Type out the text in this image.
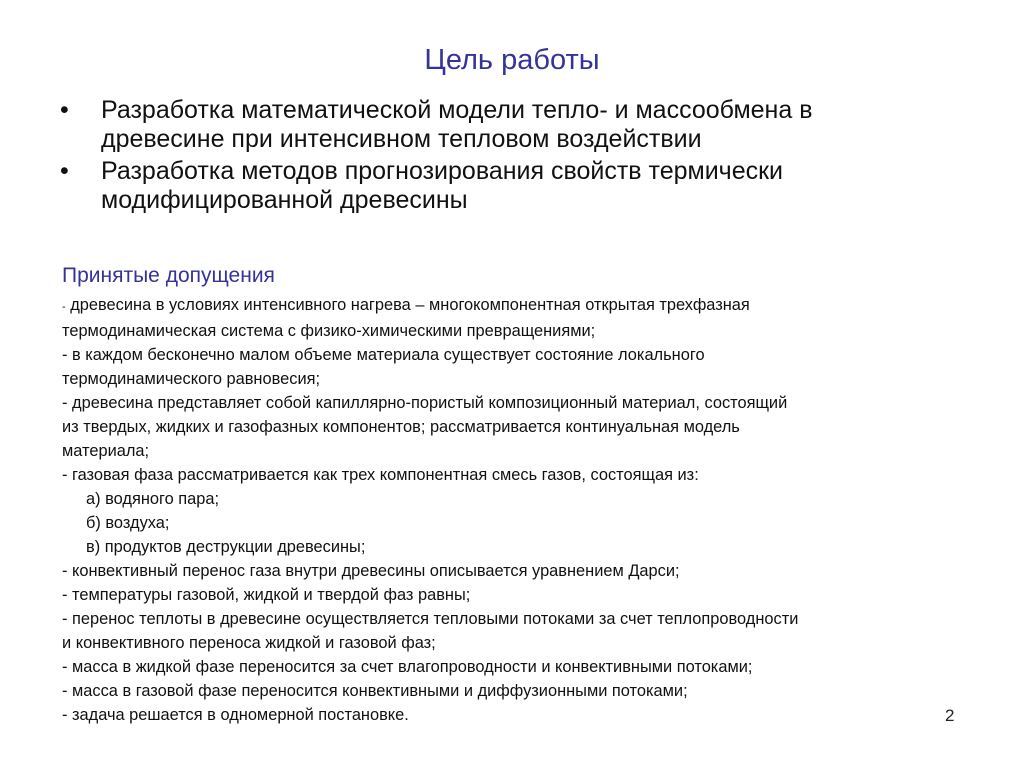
Цель работы
• Разработка математической модели тепло- и массообмена в
древесине при интенсивном тепловом воздействии
• Разработка методов прогнозирования свойств термически
модифицированной древесины
Принятые допущения
- древесина в условиях интенсивного нагрева – многокомпонентная открытая трехфазная
термодинамическая система с физико-химическими превращениями;
- в каждом бесконечно малом объеме материала существует состояние локального
термодинамического равновесия;
- древесина представляет собой капиллярно-пористый композиционный материал, состоящий
из твердых, жидких и газофазных компонентов; рассматривается континуальная модель
материала;
- газовая фаза рассматривается как трех компонентная смесь газов, состоящая из:
а) водяного пара;
б) воздуха;
в) продуктов деструкции древесины;
- конвективный перенос газа внутри древесины описывается уравнением Дарси;
- температуры газовой, жидкой и твердой фаз равны;
- перенос теплоты в древесине осуществляется тепловыми потоками за счет теплопроводности
и конвективного переноса жидкой и газовой фаз;
- масса в жидкой фазе переносится за счет влагопроводности и конвективными потоками;
- масса в газовой фазе переносится конвективными и диффузионными потоками;
- задача решается в одномерной постановке.	2
